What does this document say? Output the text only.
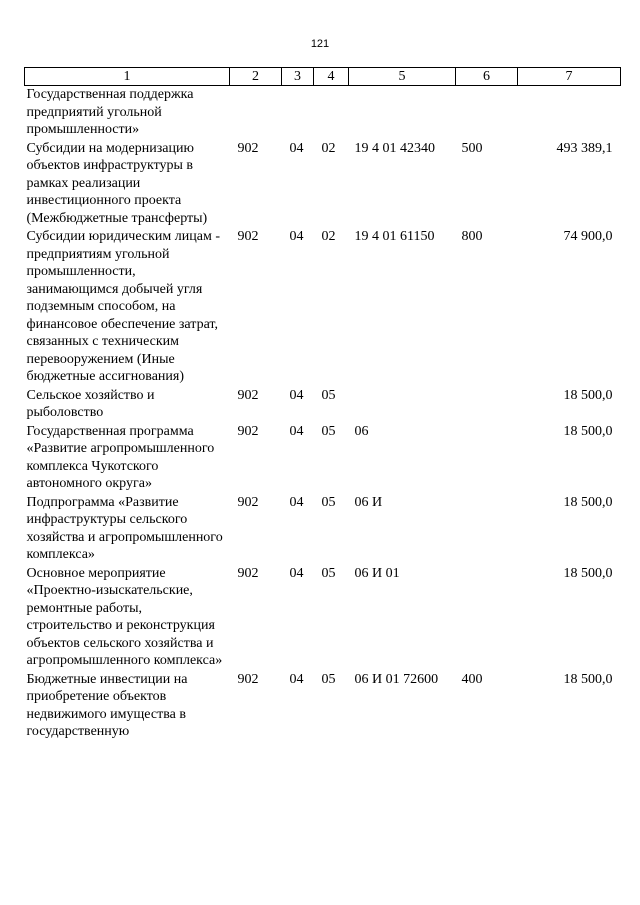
121
1	2	3	4	5	6	7
Государственная поддержка предприятий угольной промышленности»						
Субсидии на модернизацию объектов инфраструктуры в рамках реализации инвестиционного проекта (Межбюджетные трансферты)	902	04	02	19 4 01 42340	500	493 389,1
Субсидии юридическим лицам - предприятиям угольной промышленности, занимающимся добычей угля подземным способом, на финансовое обеспечение затрат, связанных с техническим перевооружением (Иные бюджетные ассигнования)	902	04	02	19 4 01 61150	800	74 900,0
Сельское хозяйство и рыболовство	902	04	05			18 500,0
Государственная программа «Развитие агропромышленного комплекса Чукотского автономного округа»	902	04	05	06		18 500,0
Подпрограмма «Развитие инфраструктуры сельского хозяйства и агропромышленного комплекса»	902	04	05	06 И		18 500,0
Основное мероприятие «Проектно-изыскательские, ремонтные работы, строительство и реконструкция объектов сельского хозяйства и агропромышленного комплекса»	902	04	05	06 И 01		18 500,0
Бюджетные инвестиции на приобретение объектов недвижимого имущества в государственную	902	04	05	06 И 01 72600	400	18 500,0
